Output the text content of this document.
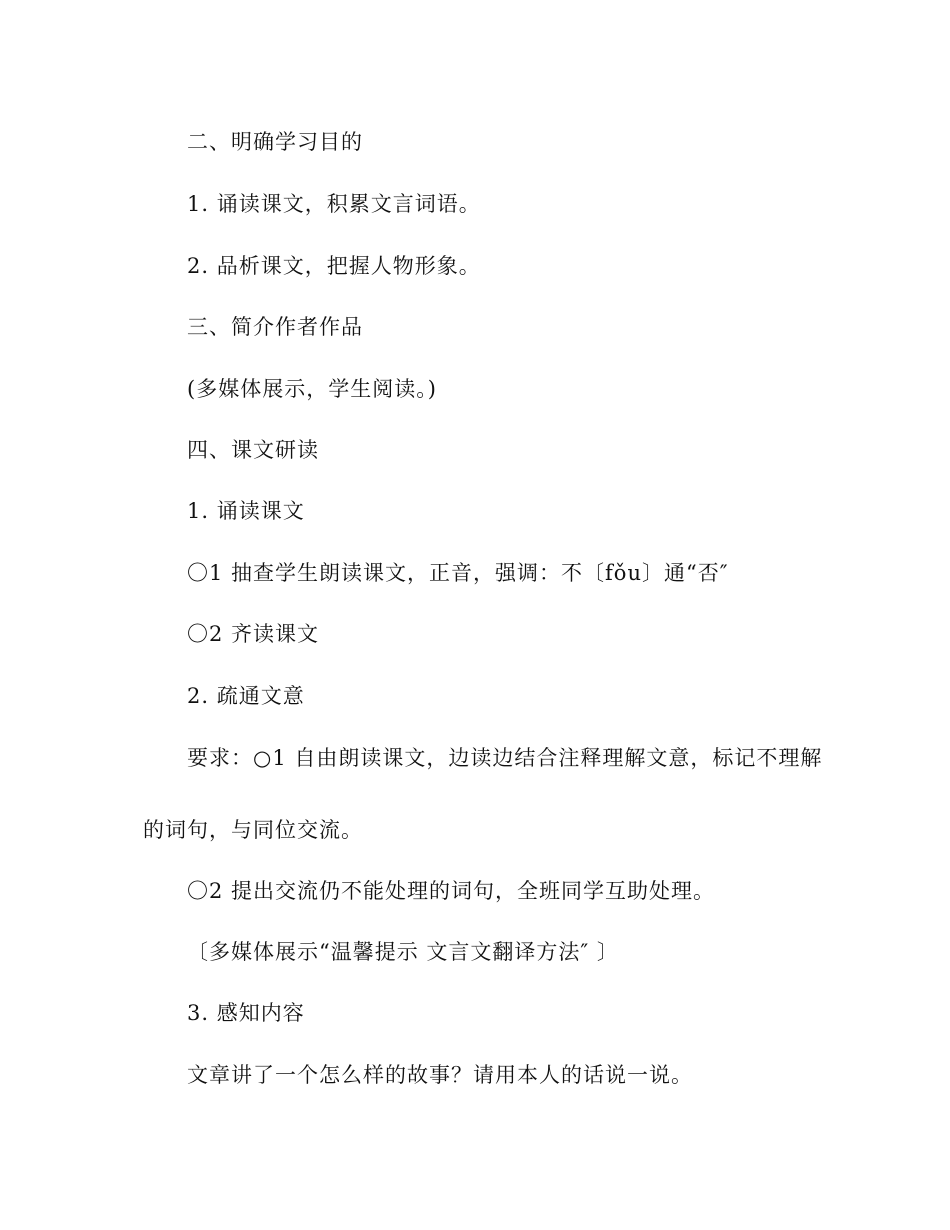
二、明确学习目的
1. 诵读课文，积累文言词语。
2. 品析课文，把握人物形象。
三、简介作者作品
(多媒体展示，学生阅读。)
四、课文研读
1. 诵读课文
〇1 抽查学生朗读课文，正音，强调：不〔fǒu〕通“否″
〇2 齐读课文
2. 疏通文意
要求：○1 自由朗读课文，边读边结合注释理解文意，标记不理解
的词句，与同位交流。
〇2 提出交流仍不能处理的词句，全班同学互助处理。
〔多媒体展示“温馨提示 文言文翻译方法″ 〕
3. 感知内容
文章讲了一个怎么样的故事？请用本人的话说一说。
